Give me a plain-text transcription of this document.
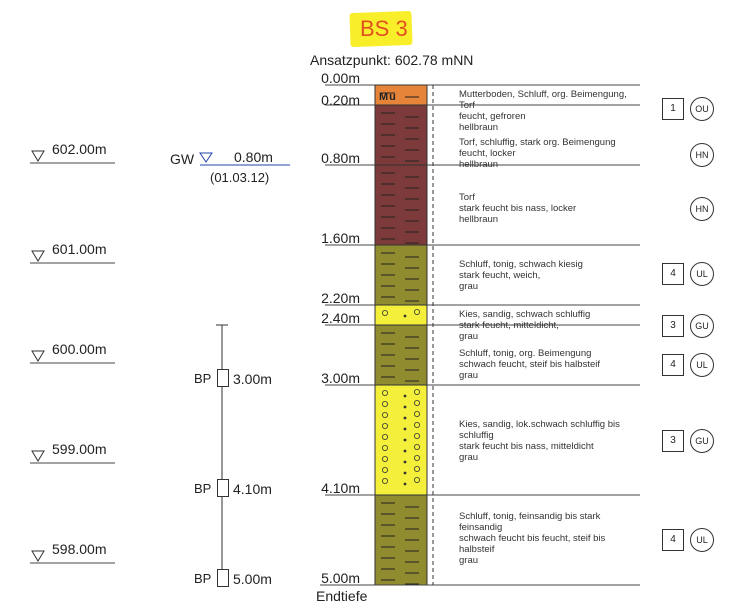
BS 3
Ansatzpunkt: 602.78 mNN
0.00m
0.20m
0.80m
1.60m
2.20m
2.40m
3.00m
4.10m
5.00m
Endtiefe
Mu
602.00m
601.00m
600.00m
599.00m
598.00m
GW	0.80m
(01.03.12)
BP 3.00m
BP 4.10m
BP 5.00m
Mutterboden, Schluff, org. Beimengung,
Torf
feucht, gefroren
hellbraun
Torf, schluffig, stark org. Beimengung
feucht, locker
hellbraun
Torf
stark feucht bis nass, locker
hellbraun
Schluff, tonig, schwach kiesig
stark feucht, weich,
grau
Kies, sandig, schwach schluffig
stark feucht, mitteldicht,
grau
Schluff, tonig, org. Beimengung
schwach feucht, steif bis halbsteif
grau
Kies, sandig, lok.schwach schluffig bis
schluffig
stark feucht bis nass, mitteldicht
grau
Schluff, tonig, feinsandig bis stark
feinsandig
schwach feucht bis feucht, steif bis
halbsteif
grau
1	OU
HN
HN
4	UL
3	GU
4	UL
3	GU
4	UL
